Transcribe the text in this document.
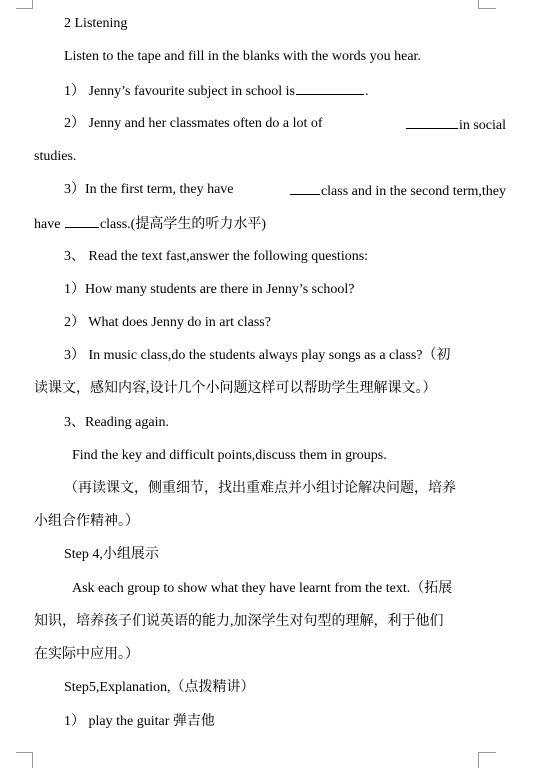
2 Listening
Listen to the tape and fill in the blanks with the words you hear.
1） Jenny’s favourite subject in school is	.
2） Jenny and her classmates often do a lot of	in social
studies.
3）In the first term, they have	class and in the second term,they
have	class.(提高学生的听力水平)
3、 Read the text fast,answer the following questions:
1）How many students are there in Jenny’s school?
2） What does Jenny do in art class?
3） In music class,do the students always play songs as a class?（初
读课文，感知内容,设计几个小问题这样可以帮助学生理解课文。）
3、Reading again.
Find the key and difficult points,discuss them in groups.
（再读课文，侧重细节，找出重难点并小组讨论解决问题，培养
小组合作精神。）
Step 4,小组展示
Ask each group to show what they have learnt from the text.（拓展
知识，培养孩子们说英语的能力,加深学生对句型的理解，利于他们
在实际中应用。）
Step5,Explanation,（点拨精讲）
1） play the guitar 弹吉他
